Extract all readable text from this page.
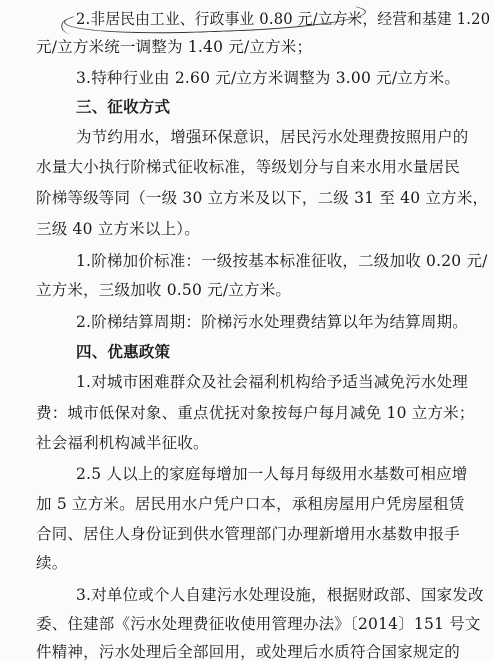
2.非居民由工业、行政事业 0.80 元/立方米，经营和基建 1.20
元/立方米统一调整为 1.40 元/立方米；
3.特种行业由 2.60 元/立方米调整为 3.00 元/立方米。
三、征收方式
为节约用水，增强环保意识，居民污水处理费按照用户的
水量大小执行阶梯式征收标准，等级划分与自来水用水量居民
阶梯等级等同（一级 30 立方米及以下，二级 31 至 40 立方米，
三级 40 立方米以上）。
1.阶梯加价标准：一级按基本标准征收，二级加收 0.20 元/
立方米，三级加收 0.50 元/立方米。
2.阶梯结算周期：阶梯污水处理费结算以年为结算周期。
四、优惠政策
1.对城市困难群众及社会福利机构给予适当减免污水处理
费：城市低保对象、重点优抚对象按每户每月减免 10 立方米；
社会福利机构减半征收。
2.5 人以上的家庭每增加一人每月每级用水基数可相应增
加 5 立方米。居民用水户凭户口本，承租房屋用户凭房屋租赁
合同、居住人身份证到供水管理部门办理新增用水基数申报手
续。
3.对单位或个人自建污水处理设施，根据财政部、国家发改
委、住建部《污水处理费征收使用管理办法》〔2014〕151 号文
件精神，污水处理后全部回用，或处理后水质符合国家规定的
